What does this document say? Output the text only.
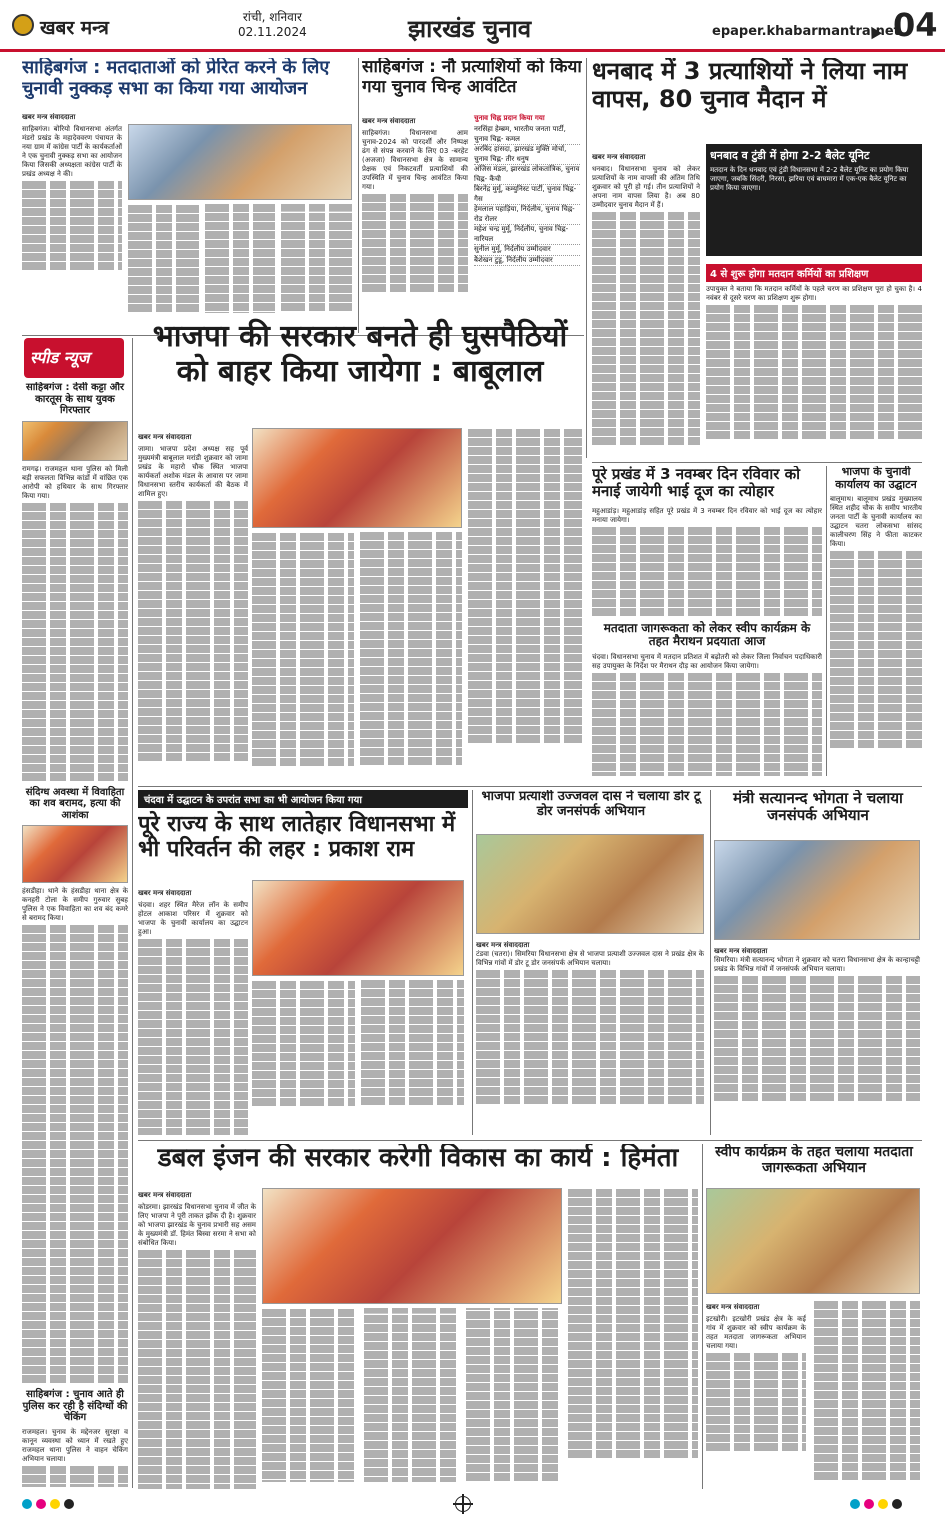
खबर मन्त्र	रांची, शनिवार
02.11.2024	झारखंड चुनाव	epaper.khabarmantra.net
04
साहिबगंज : मतदाताओं को प्रेरित करने के लिए चुनावी नुक्कड़ सभा का किया गया आयोजन
खबर मन्त्र संवाददाता

साहिबगंज। बोरियो विधानसभा अंतर्गत मंडरो प्रखंड के महादेववरण पंचायत के नया ग्राम में कांग्रेस पार्टी के कार्यकर्ताओं ने एक चुनावी नुक्कड़ सभा का आयोजन किया जिसकी अध्यक्षता कांग्रेस पार्टी के प्रखंड अध्यक्ष ने की।

साहिबगंज : नौ प्रत्याशियों को किया गया चुनाव चिन्ह आवंटित
खबर मन्त्र संवाददाता

साहिबगंज। विधानसभा आम चुनाव-2024 को पारदर्शी और निष्पक्ष ढंग से संपन्न करवाने के लिए 03 -बरहेट (अजजा) विधानसभा क्षेत्र के सामान्य प्रेक्षक एवं निकटवर्ती प्रत्याशियों की उपस्थिति में चुनाव चिन्ह आवंटित किया गया।

चुनाव चिह्न प्रदान किया गया
नरसिंहा हेम्ब्रम, भारतीय जनता पार्टी, चुनाव चिह्न- कमल
अरबिंद हांसदा, झारखंड मुक्ति मोर्चा, चुनाव चिह्न- तीर धनुष
अंजिस मंडल, झारखंड लोकतांत्रिक, चुनाव चिह्न- कैंची
बिरनेंद्र मुर्मू, कम्युनिस्ट पार्टी, चुनाव चिह्न- गैस
हेमलाल पहाड़िया, निर्दलीय, चुनाव चिह्न- रोड रोलर
महेश चन्द्र मुर्मू, निर्दलीय, चुनाव चिह्न- नारियल
सुनील मुर्मू, निर्दलीय उम्मीदवार
बैशेखन टुडू, निर्दलीय उम्मीदवार
धनबाद में 3 प्रत्याशियों ने लिया नाम वापस, 80 चुनाव मैदान में
खबर मन्त्र संवाददाता

धनबाद। विधानसभा चुनाव को लेकर प्रत्याशियों के नाम वापसी की अंतिम तिथि शुक्रवार को पूरी हो गई। तीन प्रत्याशियों ने अपना नाम वापस लिया है। अब 80 उम्मीदवार चुनाव मैदान में हैं।

धनबाद व टुंडी में होगा 2-2 बैलेट यूनिट
मतदान के दिन धनबाद एवं टुंडी विधानसभा में 2-2 बैलेट यूनिट का प्रयोग किया जाएगा, जबकि सिंदरी, निरसा, झरिया एवं बाघमारा में एक-एक बैलेट यूनिट का प्रयोग किया जाएगा।
4 से शुरू होगा मतदान कर्मियों का प्रशिक्षण

उपायुक्त ने बताया कि मतदान कर्मियों के पहले चरण का प्रशिक्षण पूरा हो चुका है। 4 नवंबर से दूसरे चरण का प्रशिक्षण शुरू होगा।

स्पीड न्यूज
साहिबगंज : देसी कट्टा और कारतूस के साथ युवक गिरफ्तार

रामगढ़। राजमहल थाना पुलिस को मिली बड़ी सफलता विभिन्न कांडों में वांछित एक आरोपी को हथियार के साथ गिरफ्तार किया गया।

संदिग्ध अवस्था में विवाहिता का शव बरामद, हत्या की आशंका

हंसडीहा। थाने के हंसडीहा थाना क्षेत्र के कनहरी टोला के समीप गुरुवार सुबह पुलिस ने एक विवाहिता का शव बंद कमरे से बरामद किया।

साहिबगंज : चुनाव आते ही पुलिस कर रही है संदिग्धों की चेकिंग

राजमहल। चुनाव के मद्देनजर सुरक्षा व कानून व्यवस्था को ध्यान में रखते हुए राजमहल थाना पुलिस ने वाहन चेकिंग अभियान चलाया।

भाजपा की सरकार बनते ही घुसपैठियों को बाहर किया जायेगा : बाबूलाल
खबर मन्त्र संवाददाता

जामा। भाजपा प्रदेश अध्यक्ष सह पूर्व मुख्यमंत्री बाबूलाल मरांडी शुक्रवार को जामा प्रखंड के महारो चौक स्थित भाजपा कार्यकर्ता अशोक मंडल के आवास पर जामा विधानसभा स्तरीय कार्यकर्ता की बैठक में शामिल हुए।

पूरे प्रखंड में 3 नवम्बर दिन रविवार को मनाई जायेगी भाई दूज का त्योहार

महुआडांड़। महुआडांड़ सहित पूरे प्रखंड में 3 नवम्बर दिन रविवार को भाई दूज का त्योहार मनाया जायेगा।

मतदाता जागरूकता को लेकर स्वीप कार्यक्रम के तहत मैराथन प्रदयाता आज

चंदवा। विधानसभा चुनाव में मतदान प्रतिशत में बढ़ोतरी को लेकर जिला निर्वाचन पदाधिकारी सह उपायुक्त के निर्देश पर मैराथन दौड़ का आयोजन किया जायेगा।

भाजपा के चुनावी कार्यालय का उद्घाटन

बालूमाथ। बालूमाथ प्रखंड मुख्यालय स्थित शहीद चौक के समीप भारतीय जनता पार्टी के चुनावी कार्यालय का उद्घाटन चतरा लोकसभा सांसद कालीचरण सिंह ने फीता काटकर किया।

चंदवा में उद्घाटन के उपरांत सभा का भी आयोजन किया गया
पूरे राज्य के साथ लातेहार विधानसभा में भी परिवर्तन की लहर : प्रकाश राम
खबर मन्त्र संवाददाता

चंदवा। शहर स्थित मैरेज लॉन के समीप होटल आकाश परिसर में शुक्रवार को भाजपा के चुनावी कार्यालय का उद्घाटन हुआ।

भाजपा प्रत्याशी उज्जवल दास ने चलाया डोर टू डोर जनसंपर्क अभियान
खबर मन्त्र संवाददाता

टंडवा (चतरा)। सिमरिया विधानसभा क्षेत्र से भाजपा प्रत्याशी उज्जवल दास ने प्रखंड क्षेत्र के विभिन्न गांवों में डोर टू डोर जनसंपर्क अभियान चलाया।

मंत्री सत्यानन्द भोगता ने चलाया जनसंपर्क अभियान
खबर मन्त्र संवाददाता

सिमरिया। मंत्री सत्यानन्द भोगता ने शुक्रवार को चतरा विधानसभा क्षेत्र के कान्हाचट्टी प्रखंड के विभिन्न गांवों में जनसंपर्क अभियान चलाया।

डबल इंजन की सरकार करेगी विकास का कार्य : हिमंता
खबर मन्त्र संवाददाता

कोडरमा। झारखंड विधानसभा चुनाव में जीत के लिए भाजपा ने पूरी ताकत झोंक दी है। शुक्रवार को भाजपा झारखंड के चुनाव प्रभारी सह असम के मुख्यमंत्री डॉ. हिमंत बिस्वा सरमा ने सभा को संबोधित किया।

स्वीप कार्यक्रम के तहत चलाया मतदाता जागरूकता अभियान
खबर मन्त्र संवाददाता

इटखोरी। इटखोरी प्रखंड क्षेत्र के कई गांव में शुक्रवार को स्वीप कार्यक्रम के तहत मतदाता जागरूकता अभियान चलाया गया।
